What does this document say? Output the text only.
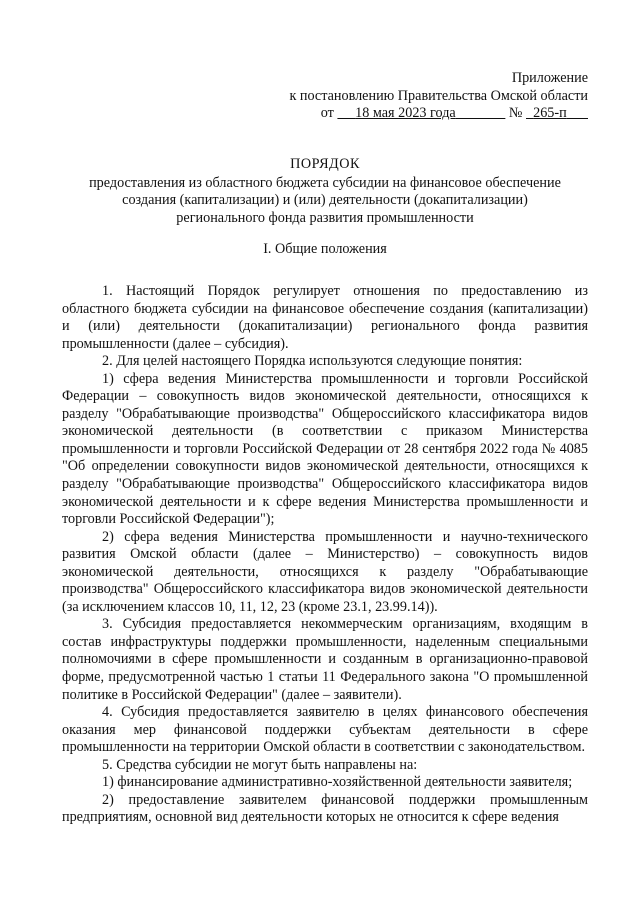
Приложение
к постановлению Правительства Омской области
от 18 мая 2023 года	№ 265-п
ПОРЯДОК
предоставления из областного бюджета субсидии на финансовое обеспечение
создания (капитализации) и (или) деятельности (докапитализации)
регионального фонда развития промышленности
I. Общие положения

1. Настоящий Порядок регулирует отношения по предоставлению из областного бюджета субсидии на финансовое обеспечение создания (капитализации) и (или) деятельности (докапитализации) регионального фонда развития промышленности (далее – субсидия).

2. Для целей настоящего Порядка используются следующие понятия:

1) сфера ведения Министерства промышленности и торговли Российской Федерации – совокупность видов экономической деятельности, относящихся к разделу "Обрабатывающие производства" Общероссийского классификатора видов экономической деятельности (в соответствии с приказом Министерства промышленности и торговли Российской Федерации от 28 сентября 2022 года № 4085 "Об определении совокупности видов экономической деятельности, относящихся к разделу "Обрабатывающие производства" Общероссийского классификатора видов экономической деятельности и к сфере ведения Министерства промышленности и торговли Российской Федерации");

2) сфера ведения Министерства промышленности и научно-технического развития Омской области (далее – Министерство) – совокупность видов экономической деятельности, относящихся к разделу "Обрабатывающие производства" Общероссийского классификатора видов экономической деятельности (за исключением классов 10, 11, 12, 23 (кроме 23.1, 23.99.14)).

3. Субсидия предоставляется некоммерческим организациям, входящим в состав инфраструктуры поддержки промышленности, наделенным специальными полномочиями в сфере промышленности и созданным в организационно-правовой форме, предусмотренной частью 1 статьи 11 Федерального закона "О промышленной политике в Российской Федерации" (далее – заявители).

4. Субсидия предоставляется заявителю в целях финансового обеспечения оказания мер финансовой поддержки субъектам деятельности в сфере промышленности на территории Омской области в соответствии с законодательством.

5. Средства субсидии не могут быть направлены на:

1) финансирование административно-хозяйственной деятельности заявителя;

2) предоставление заявителем финансовой поддержки промышленным предприятиям, основной вид деятельности которых не относится к сфере ведения
